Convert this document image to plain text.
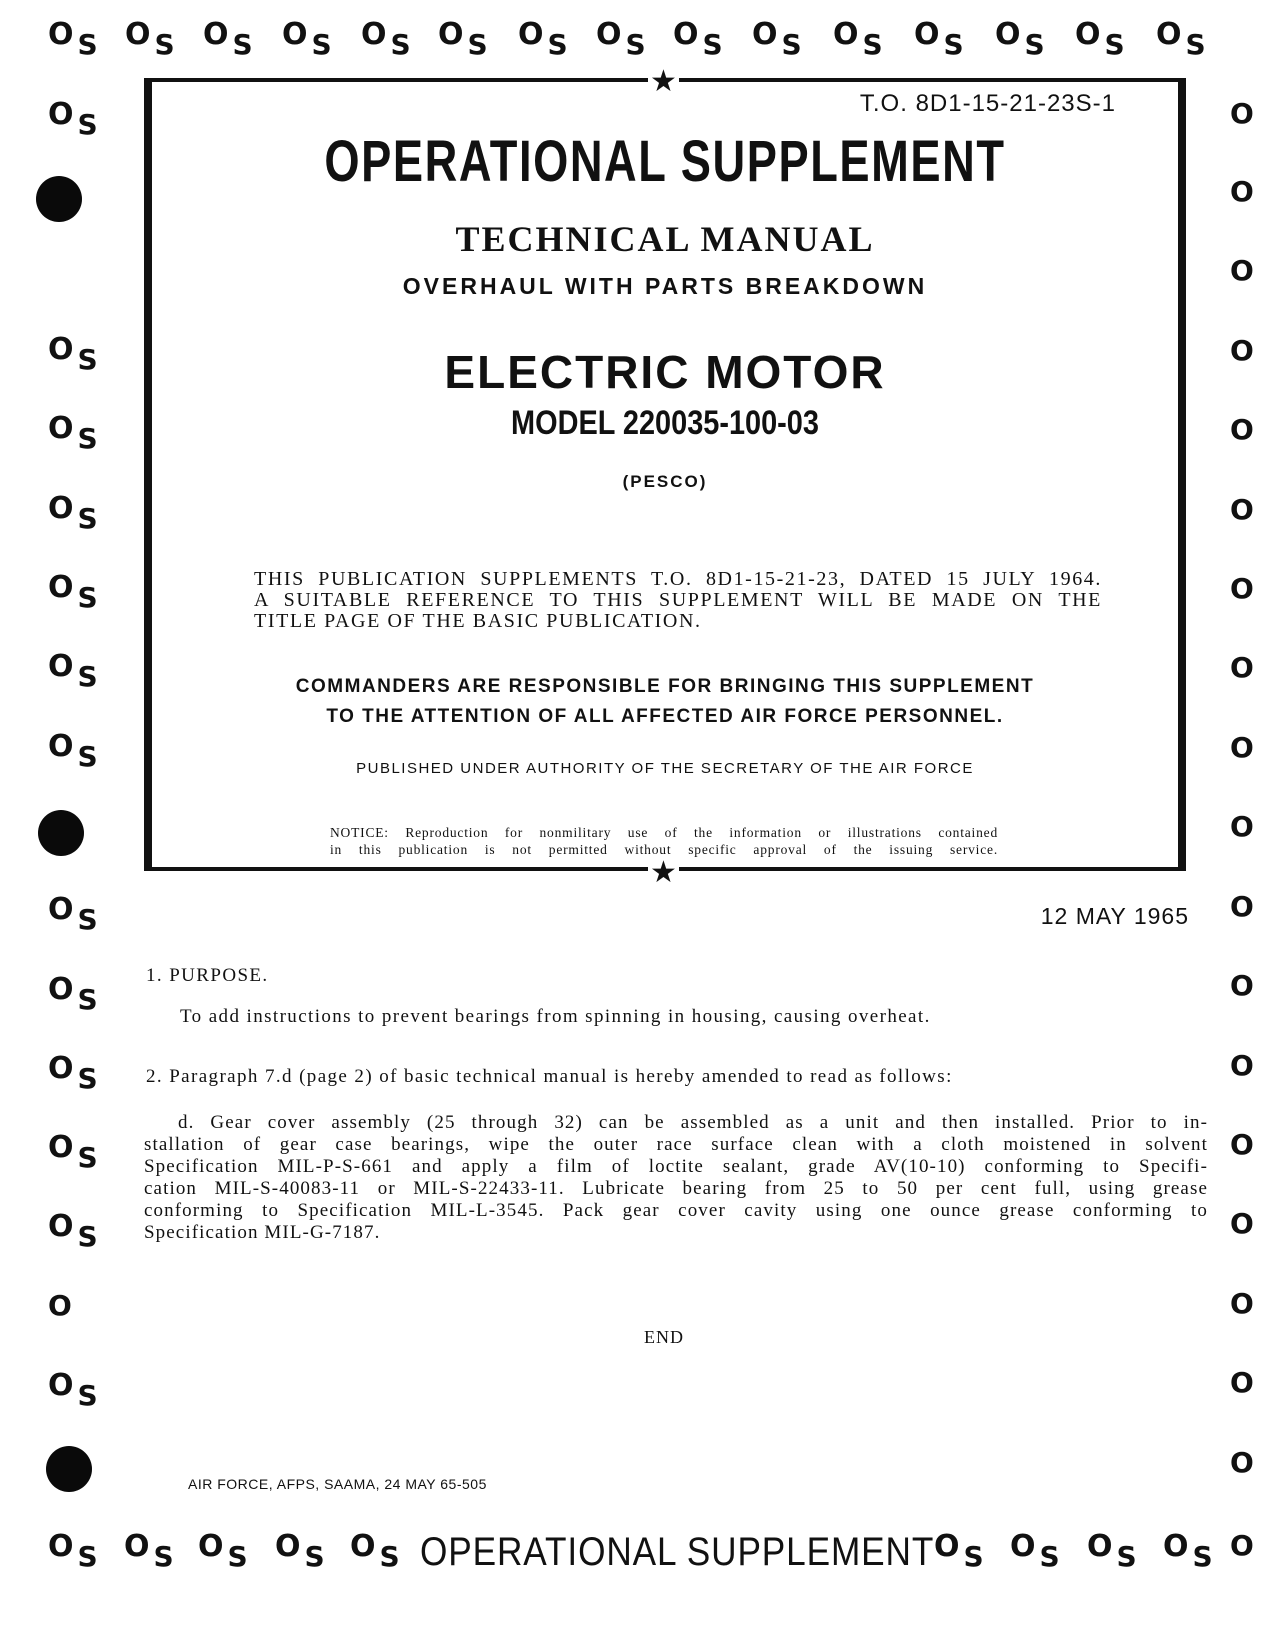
O S O S O S O S O S O S O S O S O S O S O S O S O S O S O S
O S
O S
O S
O S
O S
O S
O S
O S
O S
O S
O S
O S
O
O S
O
O
O
O
O
O
O
O
O
O
O
O
O
O
O
O
O
O
O S O S O S O S O S OPERATIONAL SUPPLEMENT O S O S O S O S O
★
★
T.O. 8D1-15-21-23S-1
OPERATIONAL SUPPLEMENT
TECHNICAL MANUAL
OVERHAUL WITH PARTS BREAKDOWN
ELECTRIC MOTOR
MODEL 220035-100-03
(PESCO)
THIS PUBLICATION SUPPLEMENTS T.O. 8D1-15-21-23, DATED 15 JULY 1964.
A SUITABLE REFERENCE TO THIS SUPPLEMENT WILL BE MADE ON THE
TITLE PAGE OF THE BASIC PUBLICATION.
COMMANDERS ARE RESPONSIBLE FOR BRINGING THIS SUPPLEMENT
TO THE ATTENTION OF ALL AFFECTED AIR FORCE PERSONNEL.
PUBLISHED UNDER AUTHORITY OF THE SECRETARY OF THE AIR FORCE
NOTICE: Reproduction for nonmilitary use of the information or illustrations contained
in this publication is not permitted without specific approval of the issuing service.
12 MAY 1965
1. PURPOSE.
To add instructions to prevent bearings from spinning in housing, causing overheat.
2. Paragraph 7.d (page 2) of basic technical manual is hereby amended to read as follows:
d. Gear cover assembly (25 through 32) can be assembled as a unit and then installed. Prior to in-
stallation of gear case bearings, wipe the outer race surface clean with a cloth moistened in solvent
Specification MIL-P-S-661 and apply a film of loctite sealant, grade AV(10-10) conforming to Specifi-
cation MIL-S-40083-11 or MIL-S-22433-11. Lubricate bearing from 25 to 50 per cent full, using grease
conforming to Specification MIL-L-3545. Pack gear cover cavity using one ounce grease conforming to
Specification MIL-G-7187.
END
AIR FORCE, AFPS, SAAMA, 24 MAY 65-505
